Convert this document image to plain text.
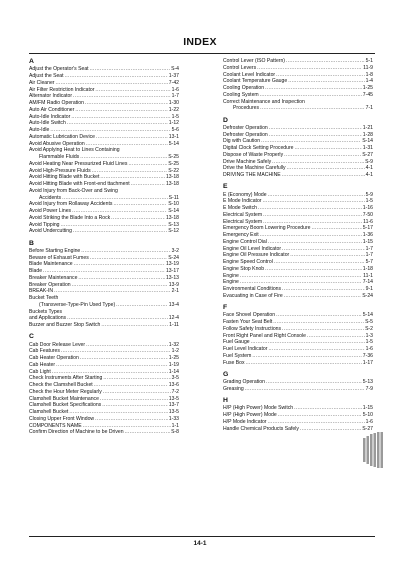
INDEX
A
Adjust the Operator's Seat .....	S-4
Adjust the Seat .....	1-37
Air Cleaner .....	7-42
Air Filter Restriction Indicator .....	1-6
Alternator Indicator .....	1-7
AM/FM Radio Operation .....	1-30
Auto Air Conditioner .....	1-22
Auto-Idle Indicator .....	1-5
Auto-Idle Switch .....	1-12
Auto-Idle .....	5-6
Automatic Lubrication Device .....	13-1
Avoid Abusive Operation .....	5-14
Avoid Applying Heat to Lines Containing
Flammable Fluids .....	S-25
Avoid Heating Near Pressurized Fluid Lines .....	S-25
Avoid High-Pressure Fluids .....	S-22
Avoid Hitting Blade with Bucket .....	13-18
Avoid Hitting Blade with Front-end ttachment .....	13-18
Avoid Injury from Back-Over and Swing
Accidents .....	S-11
Avoid Injury from Rollaway Accidents .....	S-10
Avoid Power Lines .....	S-14
Avoid Striking the Blade Into a Rock .....	13-18
Avoid Tipping .....	S-13
Avoid Undercutting .....	S-12
B
Before Starting Engine .....	3-2
Beware of Exhaust Fumes .....	S-24
Blade Maintenance .....	13-19
Blade .....	13-17
Breaker Maintenance .....	13-13
Breaker Operation .....	13-9
BREAK-IN .....	2-1
Bucket Teeth
(Transverse-Type-Pin Used Type) .....	13-4
Buckets Types
and Applications .....	12-4
Buzzer and Buzzer Stop Switch .....	1-11
C
Cab Door Release Lever .....	1-32
Cab Features .....	1-2
Cab Heater Operation .....	1-25
Cab Heater .....	1-19
Cab Light .....	1-14
Check Instruments After Starting .....	3-5
Check the Clamshell Bucket .....	13-6
Check the Hour Meter Regularly .....	7-2
Clamshell Bucket Maintenance .....	13-5
Clamshell Bucket Specifications .....	13-7
Clamshell Bucket .....	13-5
Closing Upper Front Window .....	1-33
COMPONENTS NAME .....	1-1
Confirm Direction of Machine to be Driven .....	S-8
Control Lever (ISO Pattern) .....	5-1
Control Levers .....	11-9
Coolant Level Indicator .....	1-8
Coolant Temperature Gauge .....	1-4
Cooling Operation .....	1-25
Cooling System .....	7-45
Correct Maintenance and Inspection
Procedures .....	7-1
D
Defroster Operation .....	1-21
Defroster Operation .....	1-28
Dig with Caution .....	S-14
Digital Clock Setting Procedure .....	1-31
Dispose of Waste Properly .....	S-27
Drive Machine Safely .....	S-9
Drive the Machine Carefully .....	4-1
DRIVING THE MACHINE .....	4-1
E
E (Economy) Mode .....	5-9
E Mode Indicator .....	1-5
E Mode Switch .....	1-16
Electrical System .....	7-50
Electrical System .....	11-6
Emergency Boom Lowering Procedure .....	5-17
Emergency Exit .....	1-36
Engine Control Dial .....	1-15
Engine Oil Level Indicator .....	1-7
Engine Oil Pressure Indicator .....	1-7
Engine Speed Control .....	5-7
Engine Stop Knob .....	1-18
Engine .....	11-1
Engine .....	7-14
Environmental Conditions .....	9-1
Evacuating in Case of Fire .....	S-24
F
Face Shovel Operation .....	5-14
Fasten Your Seat Belt .....	S-5
Follow Safety Instructions .....	S-2
Front Right Panel and Right Console .....	1-3
Fuel Gauge .....	1-5
Fuel Level Indicator .....	1-6
Fuel System .....	7-36
Fuse Box .....	1-17
G
Grading Operation .....	5-13
Greasing .....	7-9
H
H/P (High Power) Mode Switch .....	1-15
H/P (High Power) Mode .....	5-10
H/P Mode Indicator .....	1-6
Handle Chemical Products Safely .....	S-27
14-1
